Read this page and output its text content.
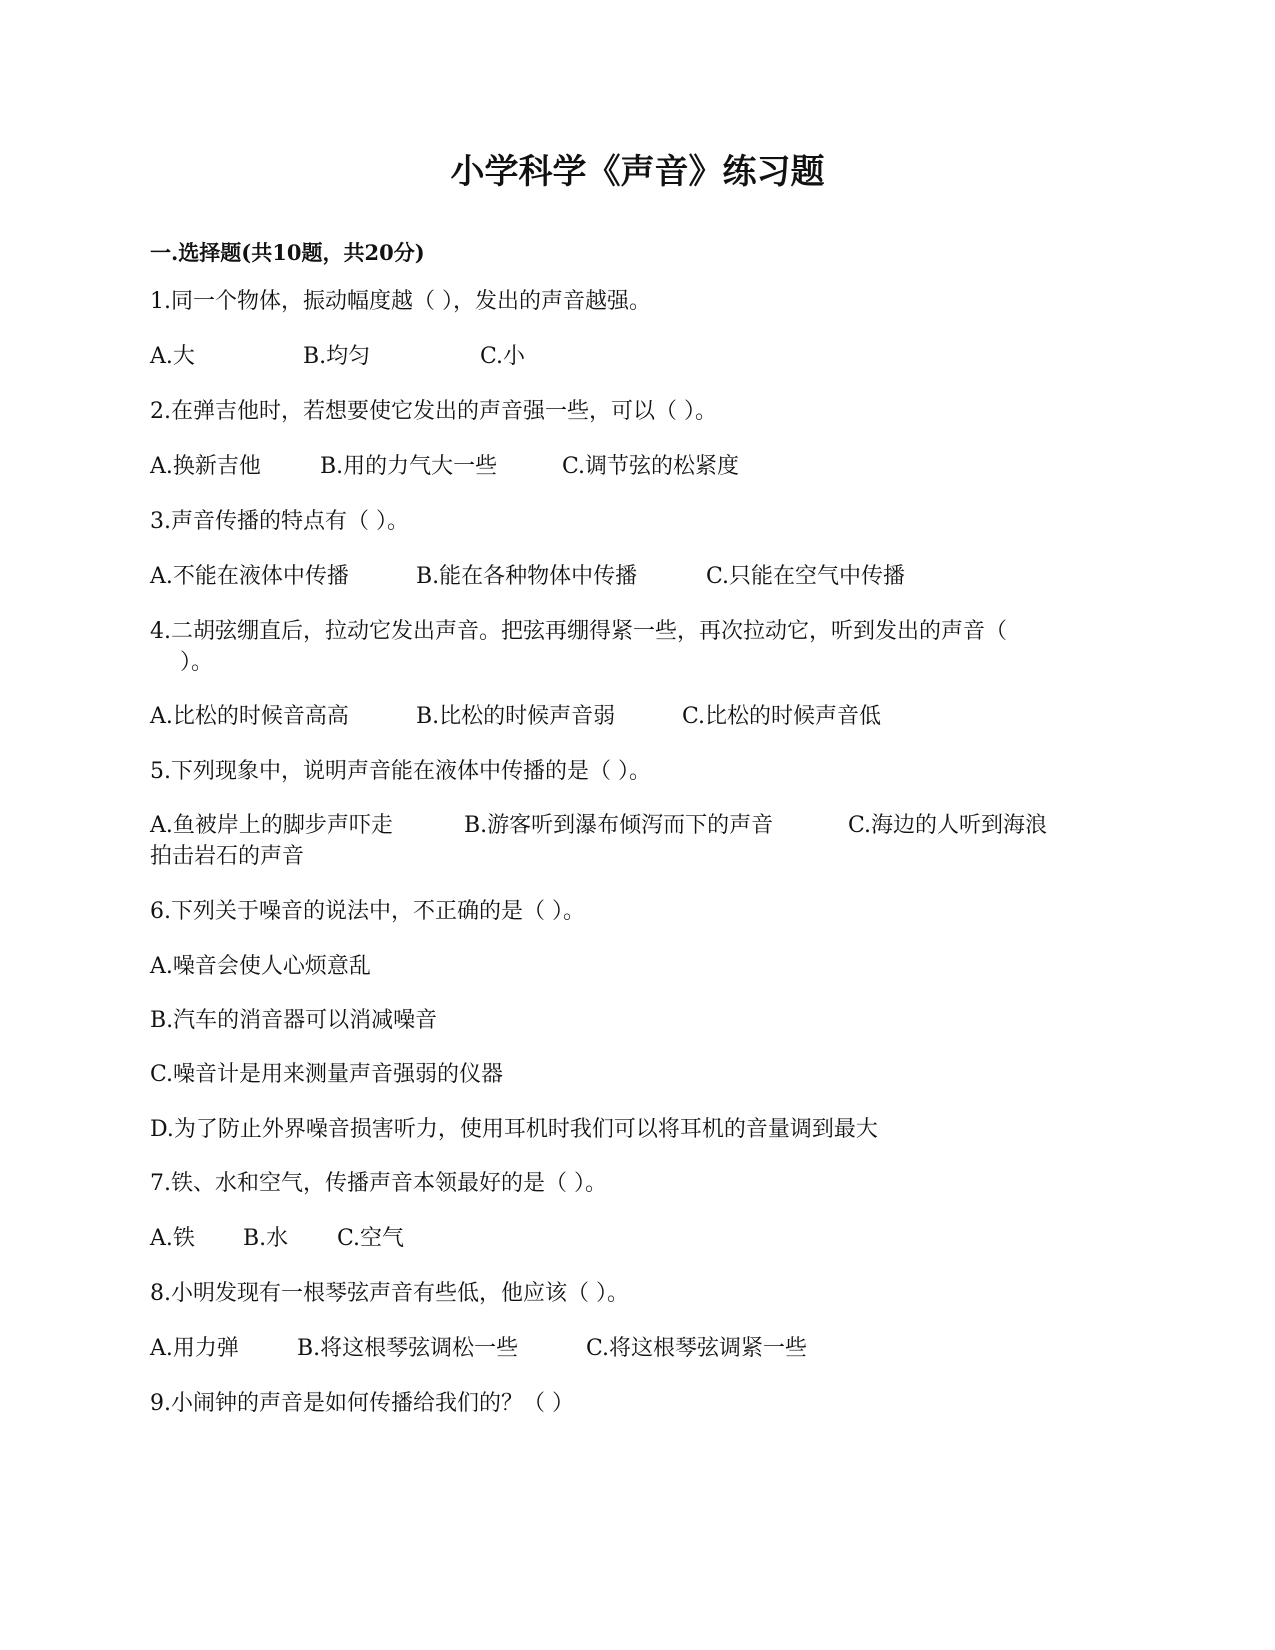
小学科学《声音》练习题
一.选择题(共10题，共20分)
1.同一个物体，振动幅度越（ ），发出的声音越强。
A.大	B.均匀	C.小
2.在弹吉他时，若想要使它发出的声音强一些，可以（ ）。
A.换新吉他	B.用的力气大一些	C.调节弦的松紧度
3.声音传播的特点有（ ）。
A.不能在液体中传播	B.能在各种物体中传播	C.只能在空气中传播
4.二胡弦绷直后，拉动它发出声音。把弦再绷得紧一些，再次拉动它，听到发出的声音（
）。
A.比松的时候音高高	B.比松的时候声音弱	C.比松的时候声音低
5.下列现象中，说明声音能在液体中传播的是（ ）。
A.鱼被岸上的脚步声吓走	B.游客听到瀑布倾泻而下的声音	C.海边的人听到海浪
拍击岩石的声音
6.下列关于噪音的说法中，不正确的是（ ）。
A.噪音会使人心烦意乱
B.汽车的消音器可以消减噪音
C.噪音计是用来测量声音强弱的仪器
D.为了防止外界噪音损害听力，使用耳机时我们可以将耳机的音量调到最大
7.铁、水和空气，传播声音本领最好的是（ ）。
A.铁 B.水 C.空气
8.小明发现有一根琴弦声音有些低，他应该（ ）。
A.用力弹	B.将这根琴弦调松一些	C.将这根琴弦调紧一些
9.小闹钟的声音是如何传播给我们的？（ ）
